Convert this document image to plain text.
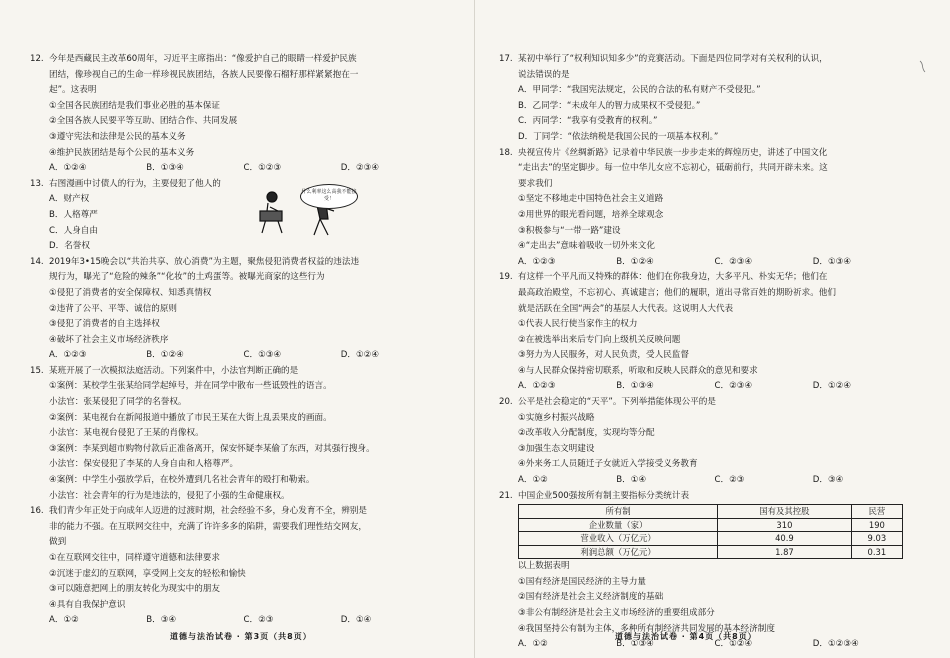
12. 今年是西藏民主改革60周年，习近平主席指出：“像爱护自己的眼睛一样爱护民族
团结，像珍视自己的生命一样珍视民族团结，各族人民要像石榴籽那样紧紧抱在一
起”。这表明
①全国各民族团结是我们事业必胜的基本保证
②全国各族人民要平等互助、团结合作、共同发展
③遵守宪法和法律是公民的基本义务
④维护民族团结是每个公民的基本义务
A．①②④	B．①③④	C．①②③	D．②③④
13. 右图漫画中讨债人的行为，主要侵犯了他人的
A．财产权
B．人格尊严
C．人身自由
D．名誉权
14. 2019年3•15晚会以“共治共享、放心消费”为主题，聚焦侵犯消费者权益的违法违
规行为，曝光了“危险的辣条”“化妆”的土鸡蛋等。被曝光商家的这些行为
①侵犯了消费者的安全保障权、知悉真情权
②违背了公平、平等、诚信的原则
③侵犯了消费者的自主选择权
④破坏了社会主义市场经济秩序
A．①②③	B．①②④	C．①③④	D．①②④
15. 某班开展了一次模拟法庭活动。下列案件中，小法官判断正确的是
①案例：某校学生张某给同学起绰号，并在同学中散布一些诋毁性的语言。
小法官：张某侵犯了同学的名誉权。
②案例：某电视台在新闻报道中播放了市民王某在大街上乱丢果皮的画面。
小法官：某电视台侵犯了王某的肖像权。
③案例：李某到超市购物付款后正准备离开，保安怀疑李某偷了东西，对其强行搜身。
小法官：保安侵犯了李某的人身自由和人格尊严。
④案例：中学生小强放学后，在校外遭到几名社会青年的殴打和勒索。
小法官：社会青年的行为是违法的，侵犯了小强的生命健康权。
16. 我们青少年正处于向成年人迈进的过渡时期，社会经验不多，身心发育不全，辨别是
非的能力不强。在互联网交往中，充满了许许多多的陷阱，需要我们理性结交网友，
做到
①在互联网交往中，同样遵守道德和法律要求
②沉迷于虚幻的互联网，享受网上交友的轻松和愉快
③可以随意把网上的朋友转化为现实中的朋友
④具有自我保护意识
A．①②	B．③④	C．②③	D．①④
什么利率这么高我不能接受！
道德与法治试卷 · 第3页（共8页）
17. 某初中举行了“权利知识知多少”的竞赛活动。下面是四位同学对有关权利的认识，
说法错误的是
A．甲同学：“我国宪法规定，公民的合法的私有财产不受侵犯。”
B．乙同学：“未成年人的智力成果权不受侵犯。”
C．丙同学：“我享有受教育的权利。”
D．丁同学：“依法纳税是我国公民的一项基本权利。”
18. 央视宣传片《丝绸新路》记录着中华民族一步步走来的辉煌历史，讲述了中国文化
“走出去”的坚定脚步。每一位中华儿女应不忘初心，砥砺前行，共同开辟未来。这
要求我们
①坚定不移地走中国特色社会主义道路
②用世界的眼光看问题，培养全球观念
③积极参与“一带一路”建设
④“走出去”意味着吸收一切外来文化
A．①②③	B．①②④	C．②③④	D．①③④
19. 有这样一个平凡而又特殊的群体：他们在你我身边，大多平凡、朴实无华；他们在
最高政治殿堂，不忘初心、真诚建言；他们的履职，道出寻常百姓的期盼祈求。他们
就是活跃在全国“两会”的基层人大代表。这说明人大代表
①代表人民行使当家作主的权力
②在被选举出来后专门向上级机关反映问题
③努力为人民服务，对人民负责，受人民监督
④与人民群众保持密切联系，听取和反映人民群众的意见和要求
A．①②③	B．①③④	C．②③④	D．①②④
20. 公平是社会稳定的“天平”。下列举措能体现公平的是
①实施乡村振兴战略
②改革收入分配制度，实现均等分配
③加强生态文明建设
④外来务工人员随迁子女就近入学接受义务教育
A．①②	B．①④	C．②③	D．③④
21. 中国企业500强按所有制主要指标分类统计表
所有制	国有及其控股	民营
企业数量（家）	310	190
营业收入（万亿元）	40.9	9.03
利润总额（万亿元）	1.87	0.31
以上数据表明
①国有经济是国民经济的主导力量
②国有经济是社会主义经济制度的基础
③非公有制经济是社会主义市场经济的重要组成部分
④我国坚持公有制为主体，多种所有制经济共同发展的基本经济制度
A．①②	B．①③④	C．①②④	D．①②③④
道德与法治试卷 · 第4页（共8页）
